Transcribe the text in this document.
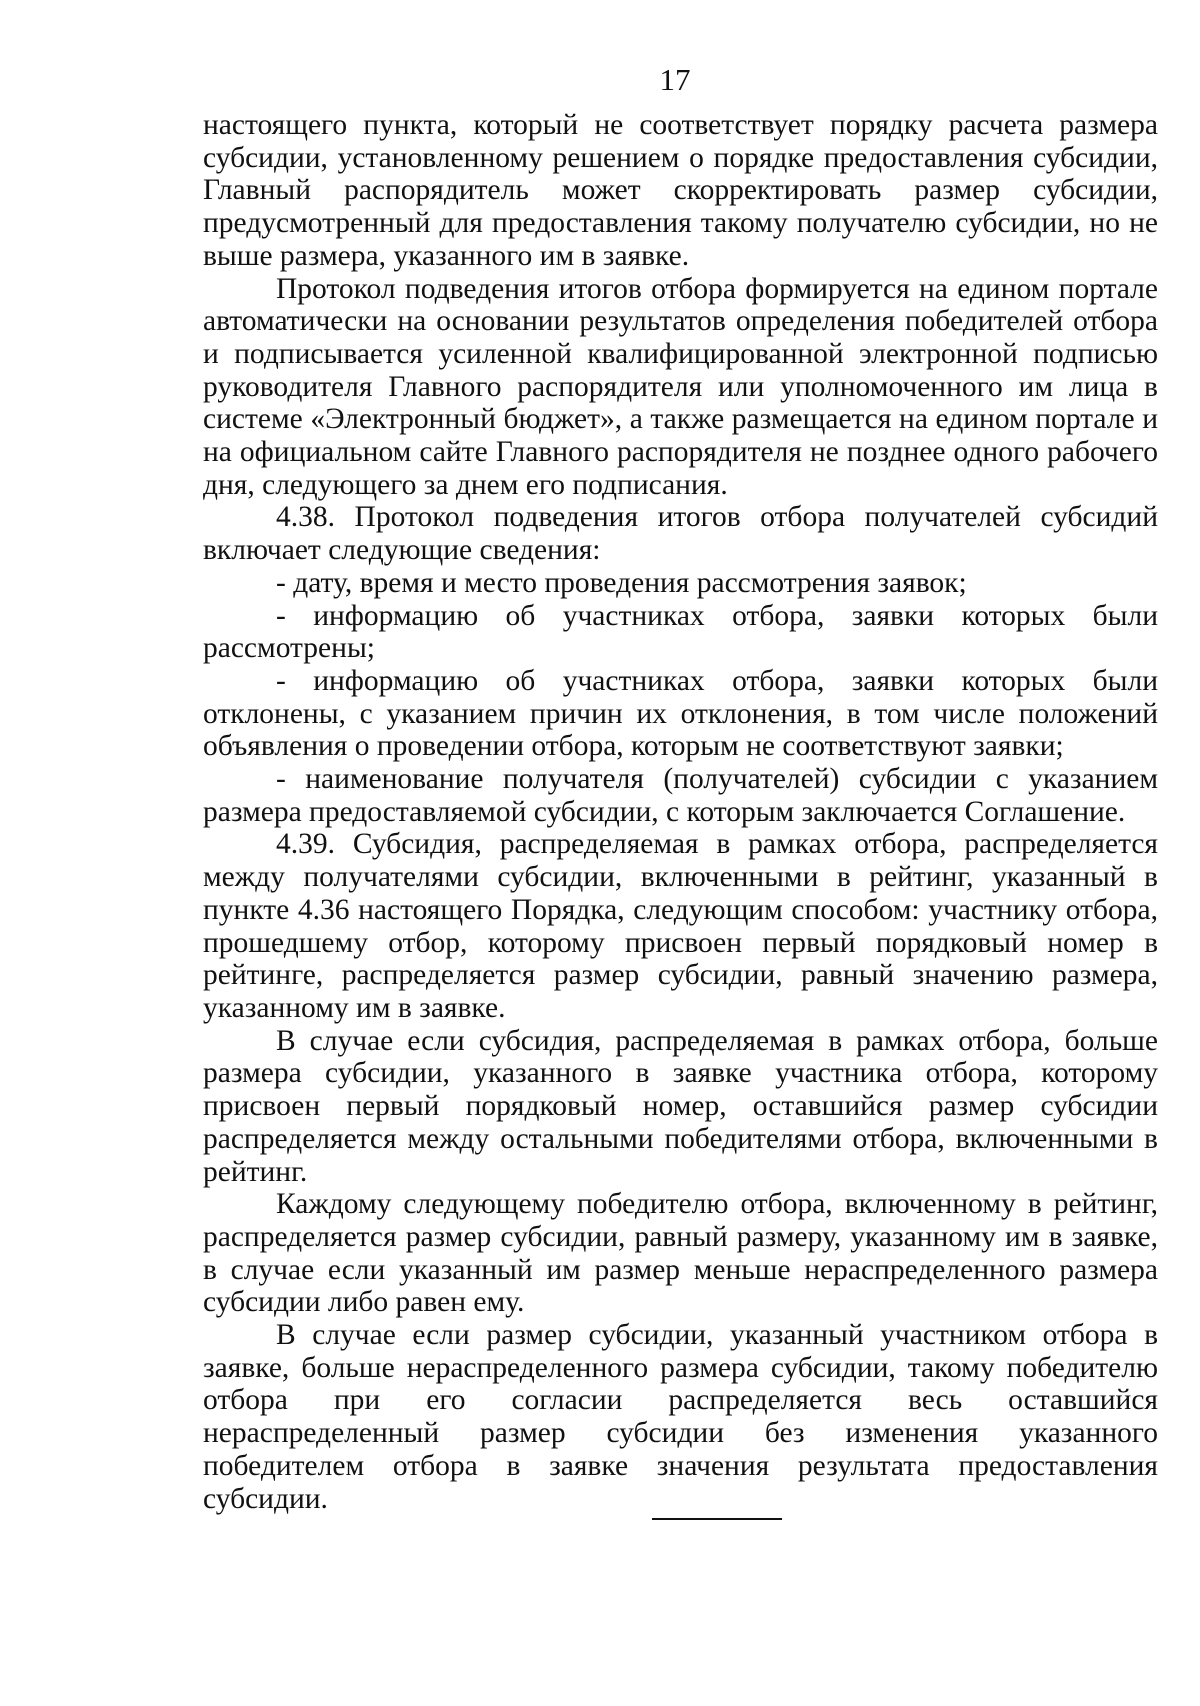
17

настоящего пункта, который не соответствует порядку расчета размера субсидии, установленному решением о порядке предоставления субсидии, Главный распорядитель может скорректировать размер субсидии, предусмотренный для предоставления такому получателю субсидии, но не выше размера, указанного им в заявке.

Протокол подведения итогов отбора формируется на едином портале автоматически на основании результатов определения победителей отбора и подписывается усиленной квалифицированной электронной подписью руководителя Главного распорядителя или уполномоченного им лица в системе «Электронный бюджет», а также размещается на едином портале и на официальном сайте Главного распорядителя не позднее одного рабочего дня, следующего за днем его подписания.

4.38. Протокол подведения итогов отбора получателей субсидий включает следующие сведения:

- дату, время и место проведения рассмотрения заявок;

- информацию об участниках отбора, заявки которых были рассмотрены;

- информацию об участниках отбора, заявки которых были отклонены, с указанием причин их отклонения, в том числе положений объявления о проведении отбора, которым не соответствуют заявки;

- наименование получателя (получателей) субсидии с указанием размера предоставляемой субсидии, с которым заключается Соглашение.

4.39. Субсидия, распределяемая в рамках отбора, распределяется между получателями субсидии, включенными в рейтинг, указанный в пункте 4.36 настоящего Порядка, следующим способом: участнику отбора, прошедшему отбор, которому присвоен первый порядковый номер в рейтинге, распределяется размер субсидии, равный значению размера, указанному им в заявке.

В случае если субсидия, распределяемая в рамках отбора, больше размера субсидии, указанного в заявке участника отбора, которому присвоен первый порядковый номер, оставшийся размер субсидии распределяется между остальными победителями отбора, включенными в рейтинг.

Каждому следующему победителю отбора, включенному в рейтинг, распределяется размер субсидии, равный размеру, указанному им в заявке, в случае если указанный им размер меньше нераспределенного размера субсидии либо равен ему.

В случае если размер субсидии, указанный участником отбора в заявке, больше нераспределенного размера субсидии, такому победителю отбора при его согласии распределяется весь оставшийся нераспределенный размер субсидии без изменения указанного победителем отбора в заявке значения результата предоставления субсидии.
